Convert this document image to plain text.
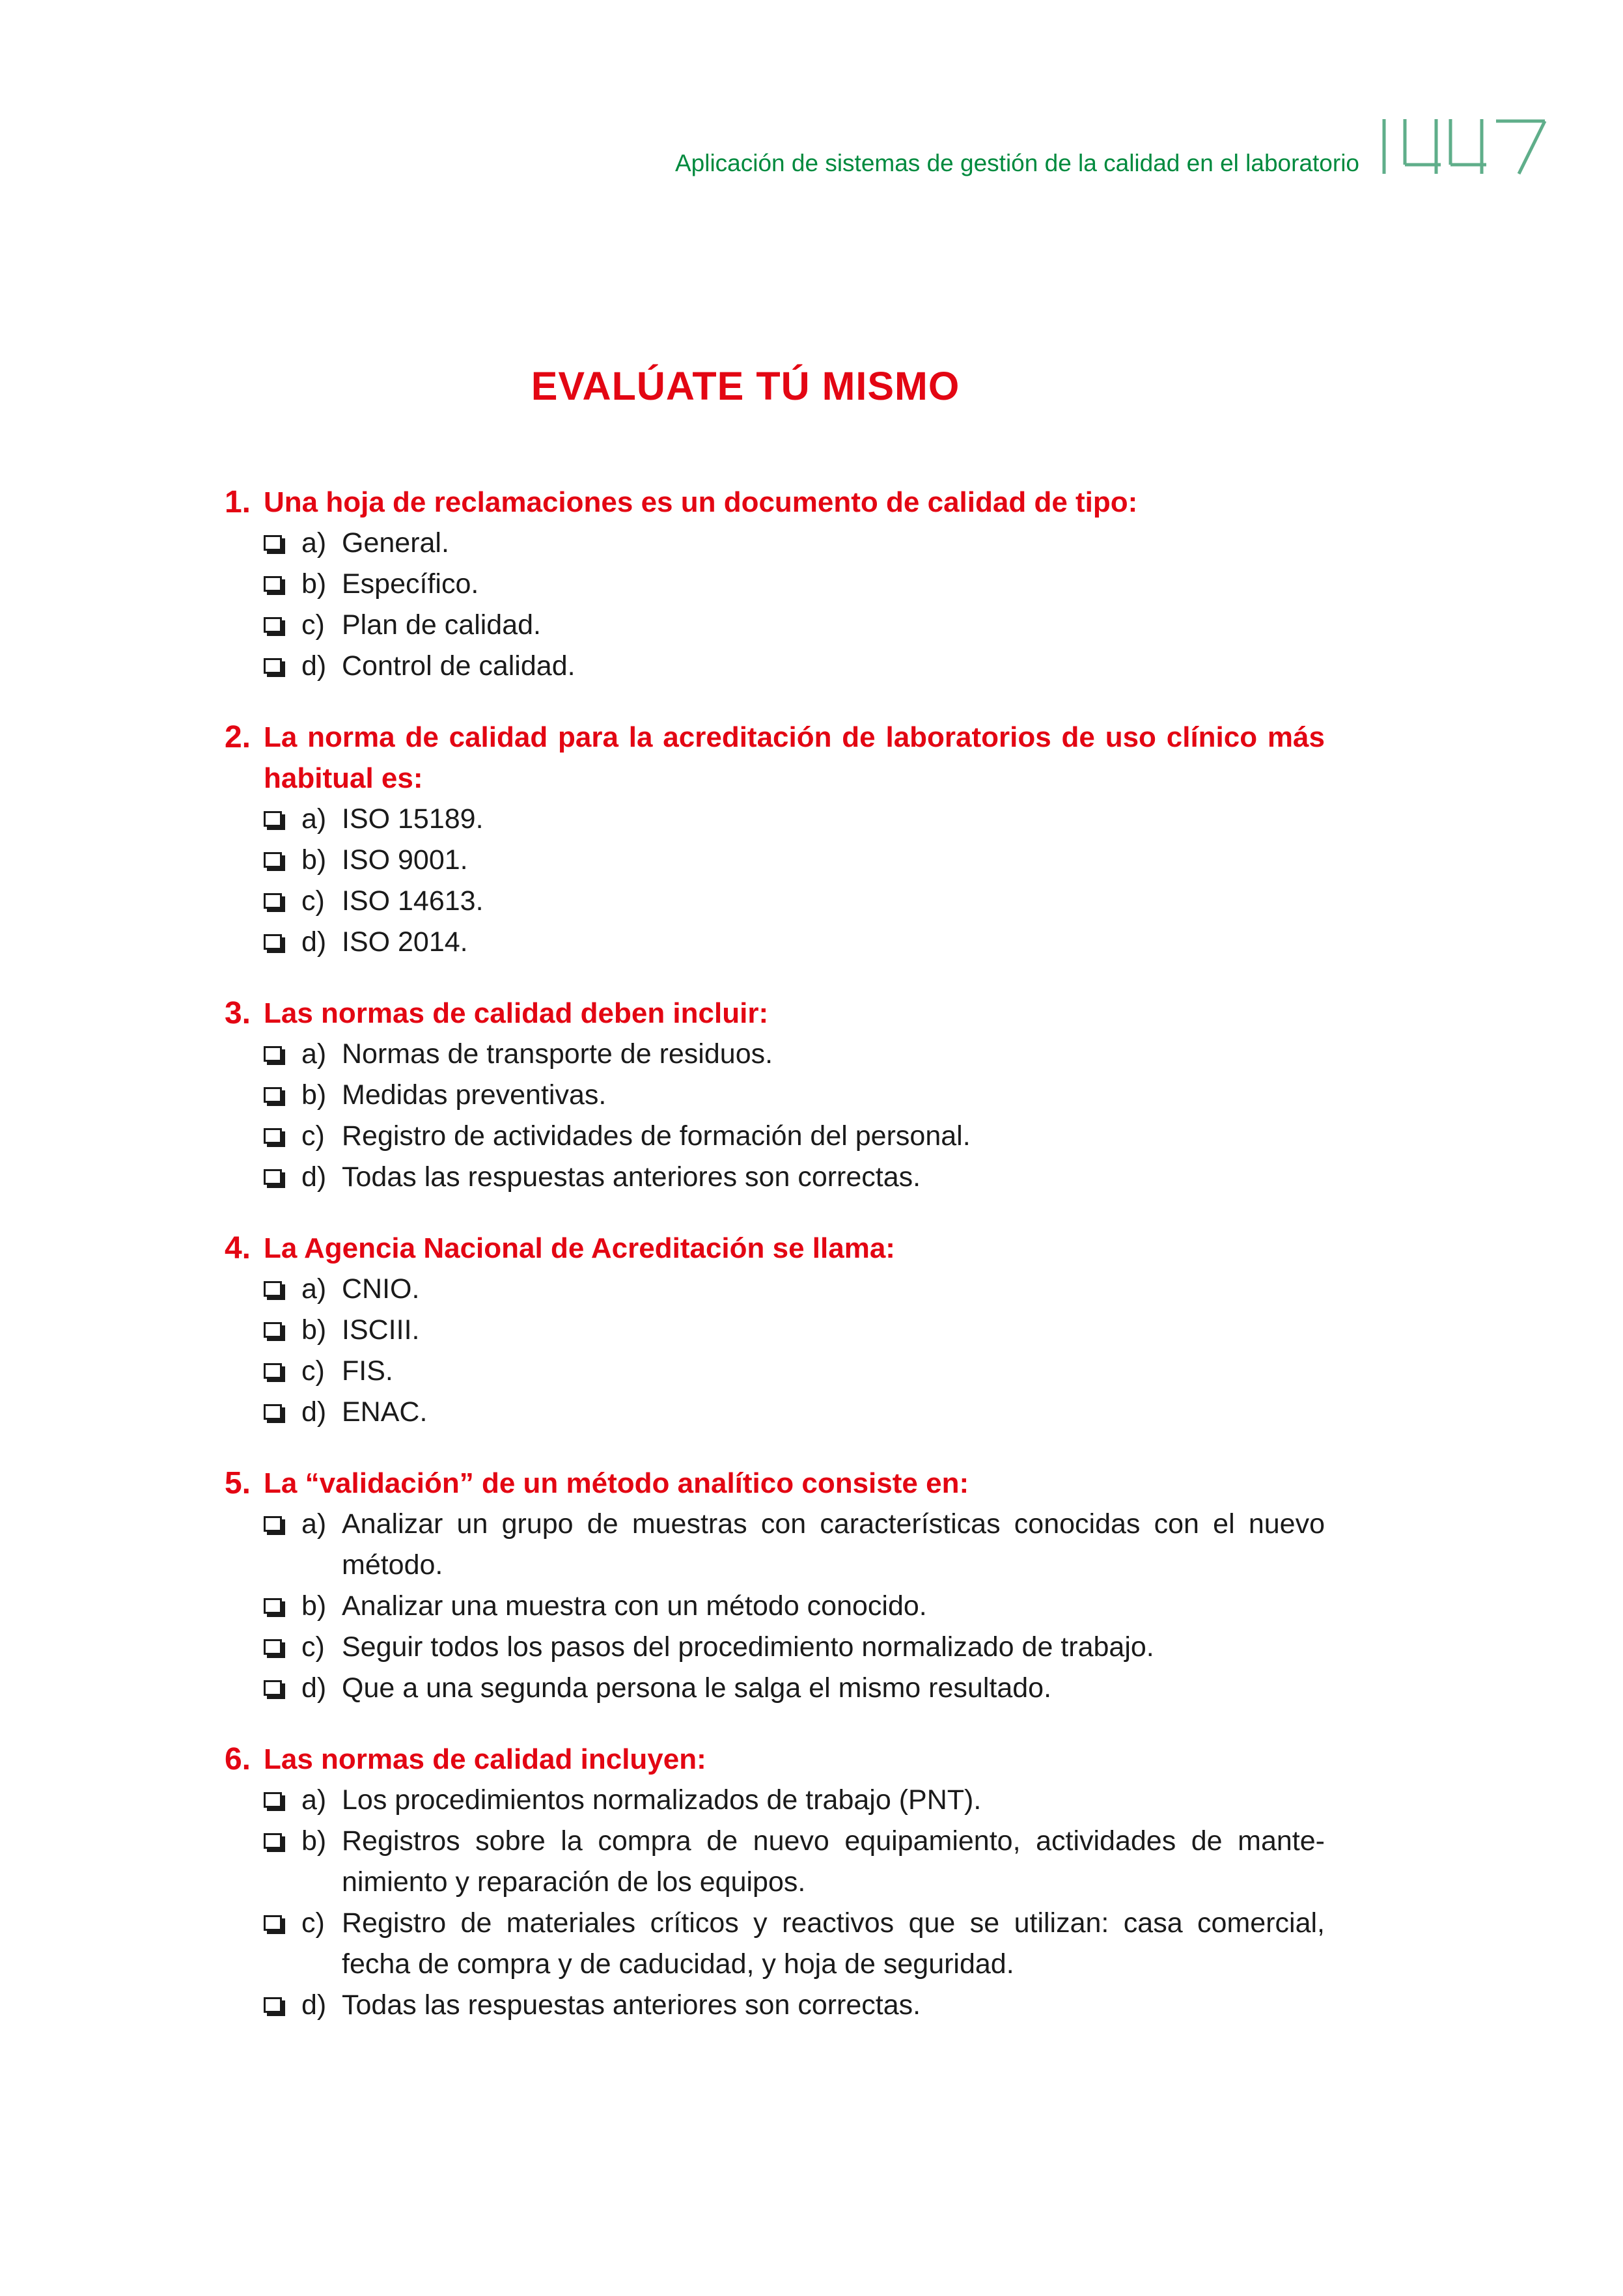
Aplicación de sistemas de gestión de la calidad en el laboratorio
EVALÚATE TÚ MISMO
1. Una hoja de reclamaciones es un documento de calidad de tipo:
a) General.
b) Específico.
c) Plan de calidad.
d) Control de calidad.
2. La norma de calidad para la acreditación de laboratorios de uso clínico más habitual es:
a) ISO 15189.
b) ISO 9001.
c) ISO 14613.
d) ISO 2014.
3. Las normas de calidad deben incluir:
a) Normas de transporte de residuos.
b) Medidas preventivas.
c) Registro de actividades de formación del personal.
d) Todas las respuestas anteriores son correctas.
4. La Agencia Nacional de Acreditación se llama:
a) CNIO.
b) ISCIII.
c) FIS.
d) ENAC.
5. La “validación” de un método analítico consiste en:
a) Analizar un grupo de muestras con características conocidas con el nuevo método.
b) Analizar una muestra con un método conocido.
c) Seguir todos los pasos del procedimiento normalizado de trabajo.
d) Que a una segunda persona le salga el mismo resultado.
6. Las normas de calidad incluyen:
a) Los procedimientos normalizados de trabajo (PNT).
b) Registros sobre la compra de nuevo equipamiento, actividades de mante-nimiento y reparación de los equipos.
c) Registro de materiales críticos y reactivos que se utilizan: casa comercial, fecha de compra y de caducidad, y hoja de seguridad.
d) Todas las respuestas anteriores son correctas.
